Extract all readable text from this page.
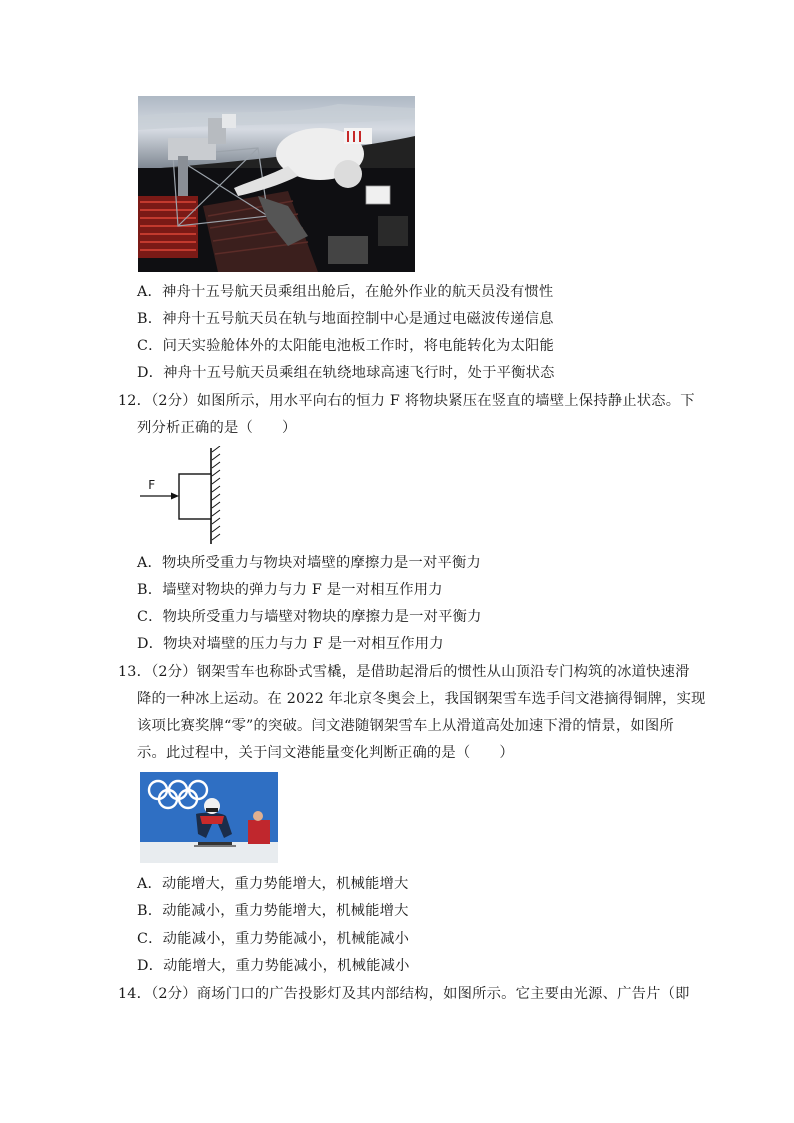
A．神舟十五号航天员乘组出舱后，在舱外作业的航天员没有惯性
B．神舟十五号航天员在轨与地面控制中心是通过电磁波传递信息
C．问天实验舱体外的太阳能电池板工作时，将电能转化为太阳能
D．神舟十五号航天员乘组在轨绕地球高速飞行时，处于平衡状态
12．（2分）如图所示，用水平向右的恒力 F 将物块紧压在竖直的墙壁上保持静止状态。下
列分析正确的是（　　）
F
A．物块所受重力与物块对墙壁的摩擦力是一对平衡力
B．墙壁对物块的弹力与力 F 是一对相互作用力
C．物块所受重力与墙壁对物块的摩擦力是一对平衡力
D．物块对墙壁的压力与力 F 是一对相互作用力
13．（2分）钢架雪车也称卧式雪橇，是借助起滑后的惯性从山顶沿专门构筑的冰道快速滑
降的一种冰上运动。在 2022 年北京冬奥会上，我国钢架雪车选手闫文港摘得铜牌，实现
该项比赛奖牌“零”的突破。闫文港随钢架雪车上从滑道高处加速下滑的情景，如图所
示。此过程中，关于闫文港能量变化判断正确的是（　　）
A．动能增大，重力势能增大，机械能增大
B．动能减小，重力势能增大，机械能增大
C．动能减小，重力势能减小，机械能减小
D．动能增大，重力势能减小，机械能减小
14．（2分）商场门口的广告投影灯及其内部结构，如图所示。它主要由光源、广告片（即
